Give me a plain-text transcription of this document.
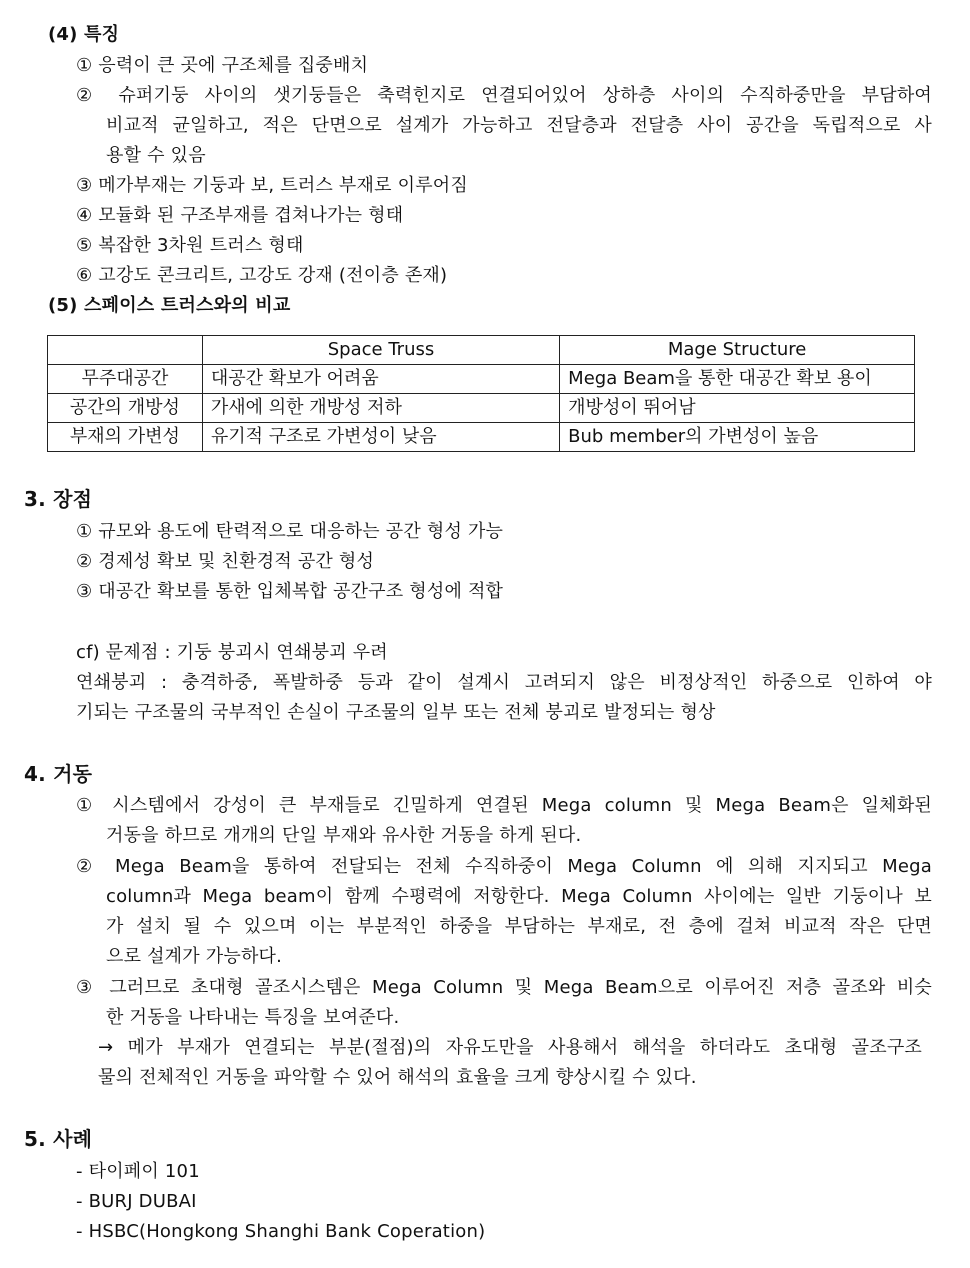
(4) 특징
① 응력이 큰 곳에 구조체를 집중배치
② 슈퍼기둥 사이의 샛기둥들은 축력힌지로 연결되어있어 상하층 사이의 수직하중만을 부담하여
비교적 균일하고, 적은 단면으로 설계가 가능하고 전달층과 전달층 사이 공간을 독립적으로 사
용할 수 있음
③ 메가부재는 기둥과 보, 트러스 부재로 이루어짐
④ 모듈화 된 구조부재를 겹쳐나가는 형태
⑤ 복잡한 3차원 트러스 형태
⑥ 고강도 콘크리트, 고강도 강재 (전이층 존재)
(5) 스페이스 트러스와의 비교
	Space Truss	Mage Structure
무주대공간	대공간 확보가 어려움	Mega Beam을 통한 대공간 확보 용이
공간의 개방성	가새에 의한 개방성 저하	개방성이 뛰어남
부재의 가변성	유기적 구조로 가변성이 낮음	Bub member의 가변성이 높음
3. 장점
① 규모와 용도에 탄력적으로 대응하는 공간 형성 가능
② 경제성 확보 및 친환경적 공간 형성
③ 대공간 확보를 통한 입체복합 공간구조 형성에 적합
cf) 문제점 : 기둥 붕괴시 연쇄붕괴 우려
연쇄붕괴 : 충격하중, 폭발하중 등과 같이 설계시 고려되지 않은 비정상적인 하중으로 인하여 야
기되는 구조물의 국부적인 손실이 구조물의 일부 또는 전체 붕괴로 발정되는 형상
4. 거동
① 시스템에서 강성이 큰 부재들로 긴밀하게 연결된 Mega column 및 Mega Beam은 일체화된
거동을 하므로 개개의 단일 부재와 유사한 거동을 하게 된다.
② Mega Beam을 통하여 전달되는 전체 수직하중이 Mega Column 에 의해 지지되고 Mega
column과 Mega beam이 함께 수평력에 저항한다. Mega Column 사이에는 일반 기둥이나 보
가 설치 될 수 있으며 이는 부분적인 하중을 부담하는 부재로, 전 층에 걸쳐 비교적 작은 단면
으로 설계가 가능하다.
③ 그러므로 초대형 골조시스템은 Mega Column 및 Mega Beam으로 이루어진 저층 골조와 비슷
한 거동을 나타내는 특징을 보여준다.
→ 메가 부재가 연결되는 부분(절점)의 자유도만을 사용해서 해석을 하더라도 초대형 골조구조
물의 전체적인 거동을 파악할 수 있어 해석의 효율을 크게 향상시킬 수 있다.
5. 사례
- 타이페이 101
- BURJ DUBAI
- HSBC(Hongkong Shanghi Bank Coperation)
